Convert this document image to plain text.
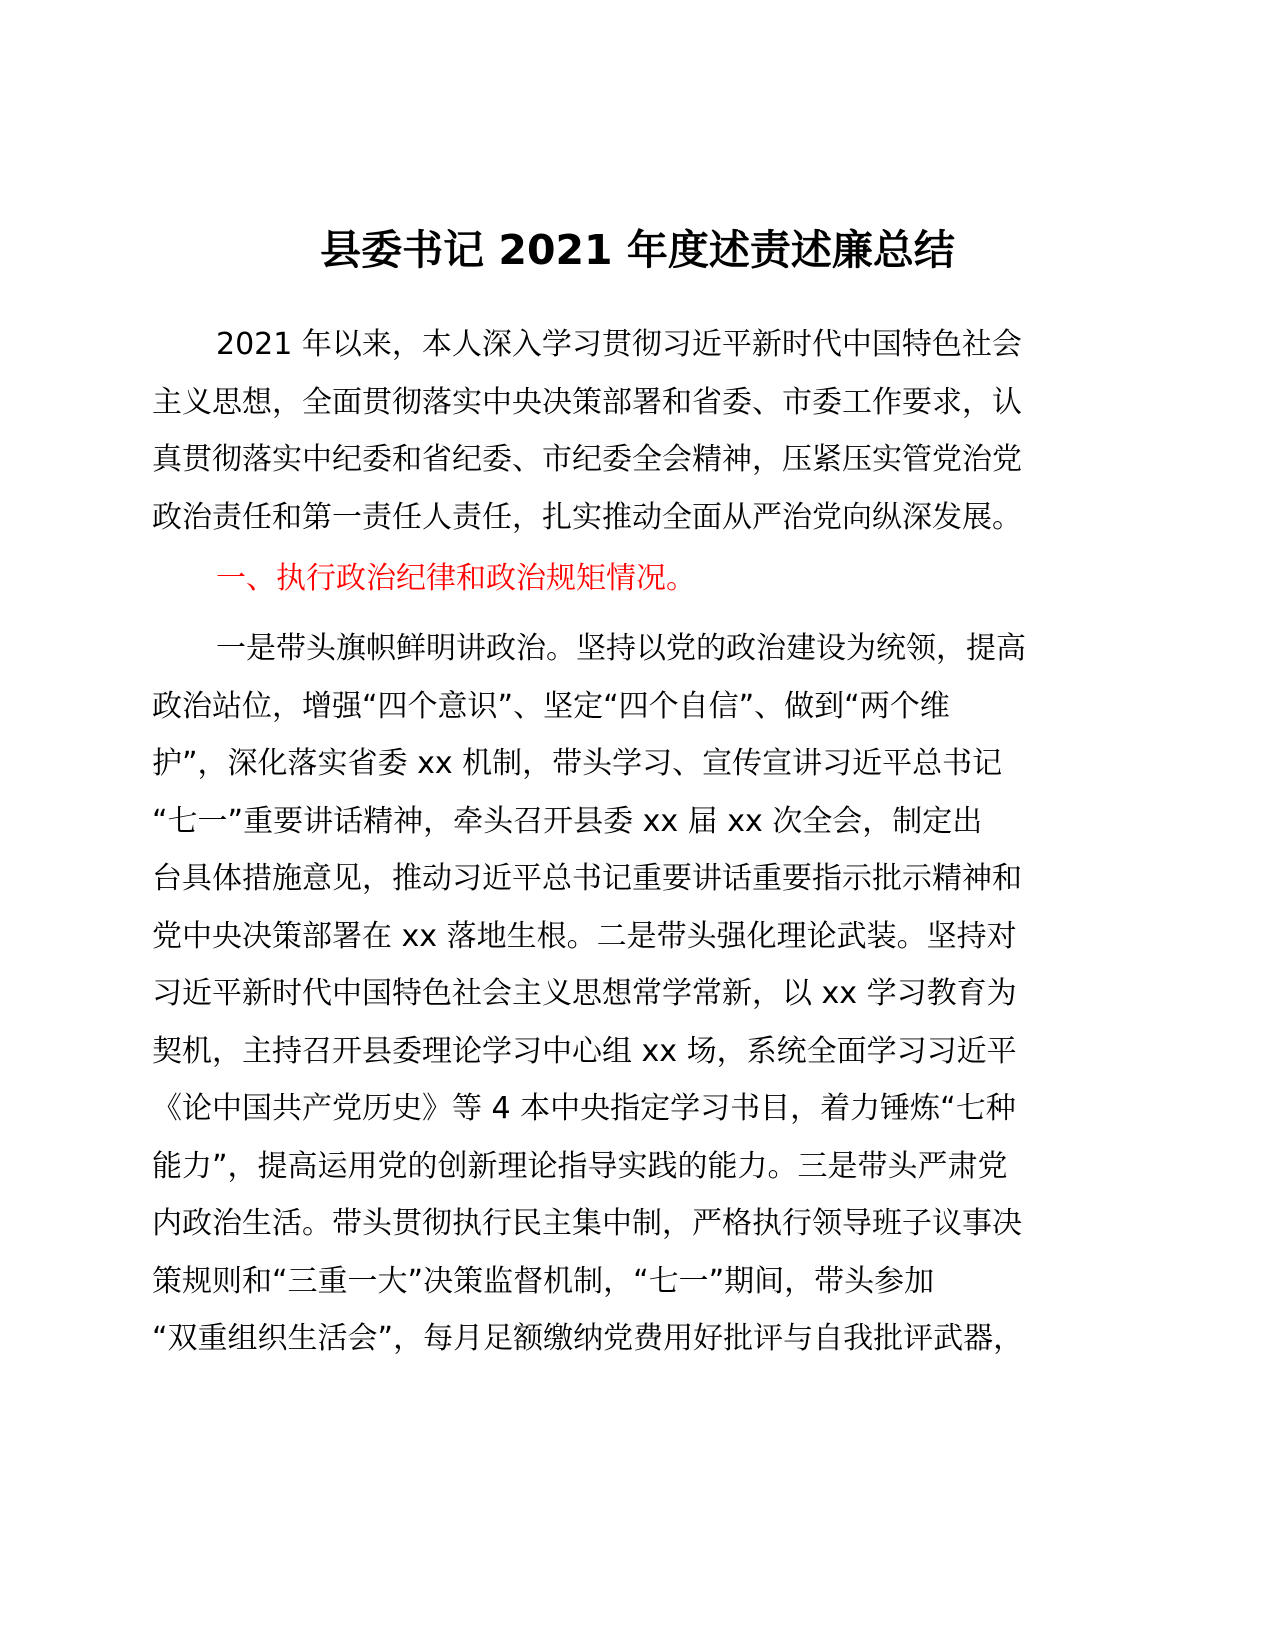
县委书记 2021 年度述责述廉总结
2021 年以来，本人深入学习贯彻习近平新时代中国特色社会
主义思想，全面贯彻落实中央决策部署和省委、市委工作要求，认
真贯彻落实中纪委和省纪委、市纪委全会精神，压紧压实管党治党
政治责任和第一责任人责任，扎实推动全面从严治党向纵深发展。
一、执行政治纪律和政治规矩情况。
一是带头旗帜鲜明讲政治。坚持以党的政治建设为统领，提高
政治站位，增强“四个意识”、坚定“四个自信”、做到“两个维
护”，深化落实省委 xx 机制，带头学习、宣传宣讲习近平总书记
“七一”重要讲话精神，牵头召开县委 xx 届 xx 次全会，制定出
台具体措施意见，推动习近平总书记重要讲话重要指示批示精神和
党中央决策部署在 xx 落地生根。二是带头强化理论武装。坚持对
习近平新时代中国特色社会主义思想常学常新，以 xx 学习教育为
契机，主持召开县委理论学习中心组 xx 场，系统全面学习习近平
《论中国共产党历史》等 4 本中央指定学习书目，着力锤炼“七种
能力”，提高运用党的创新理论指导实践的能力。三是带头严肃党
内政治生活。带头贯彻执行民主集中制，严格执行领导班子议事决
策规则和“三重一大”决策监督机制，“七一”期间，带头参加
“双重组织生活会”，每月足额缴纳党费用好批评与自我批评武器，
